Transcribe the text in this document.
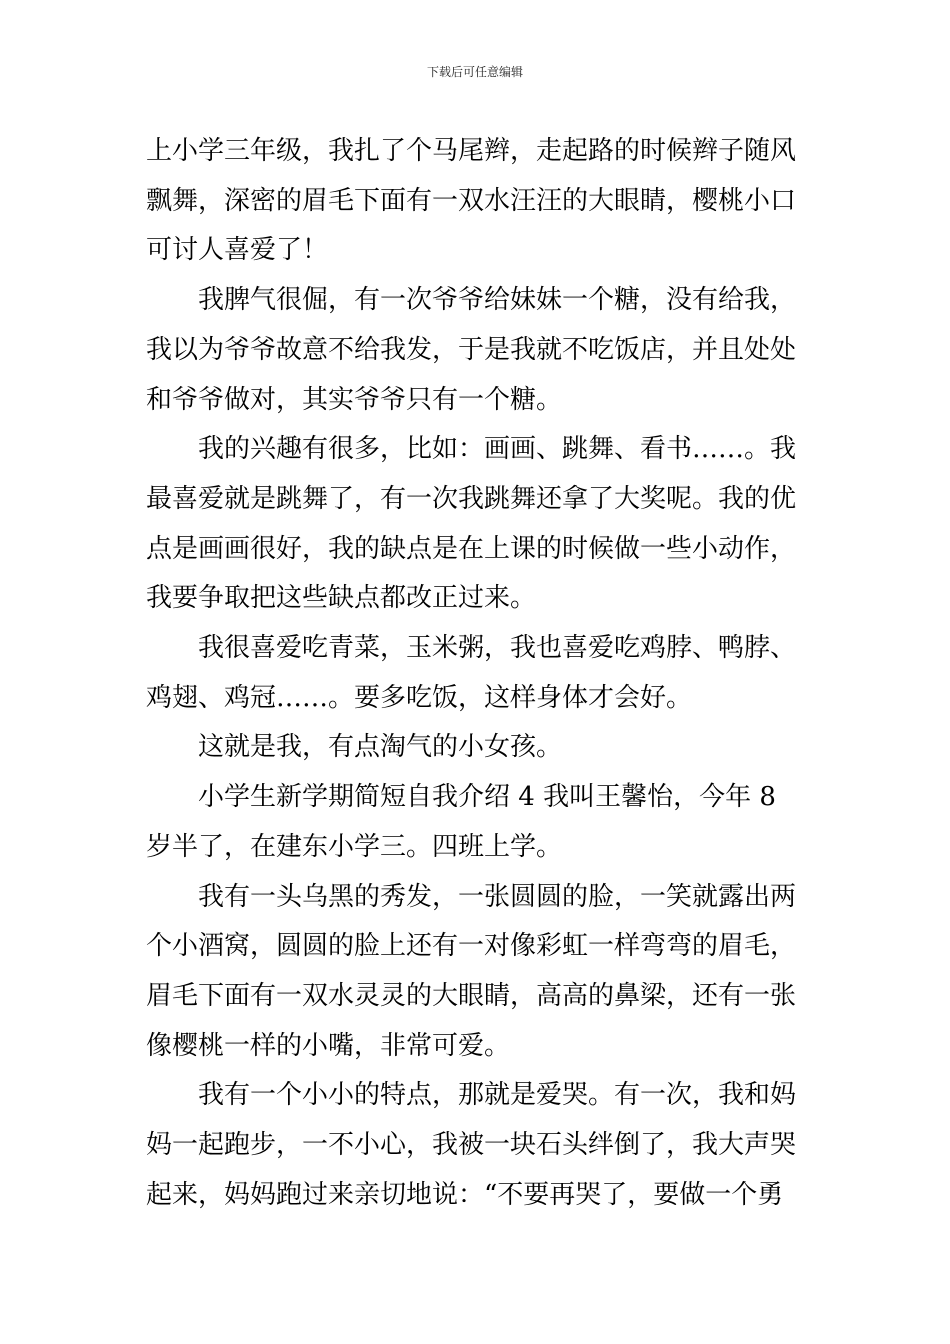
下载后可任意编辑

上小学三年级，我扎了个马尾辫，走起路的时候辫子随风飘舞，深密的眉毛下面有一双水汪汪的大眼睛，樱桃小口可讨人喜爱了！

我脾气很倔，有一次爷爷给妹妹一个糖，没有给我，我以为爷爷故意不给我发，于是我就不吃饭店，并且处处和爷爷做对，其实爷爷只有一个糖。

我的兴趣有很多，比如：画画、跳舞、看书……。我最喜爱就是跳舞了，有一次我跳舞还拿了大奖呢。我的优点是画画很好，我的缺点是在上课的时候做一些小动作，我要争取把这些缺点都改正过来。

我很喜爱吃青菜，玉米粥，我也喜爱吃鸡脖、鸭脖、鸡翅、鸡冠……。要多吃饭，这样身体才会好。

这就是我，有点淘气的小女孩。

小学生新学期简短自我介绍 4 我叫王馨怡，今年 8 岁半了，在建东小学三。四班上学。

我有一头乌黑的秀发，一张圆圆的脸，一笑就露出两个小酒窝，圆圆的脸上还有一对像彩虹一样弯弯的眉毛，眉毛下面有一双水灵灵的大眼睛，高高的鼻梁，还有一张像樱桃一样的小嘴，非常可爱。

我有一个小小的特点，那就是爱哭。有一次，我和妈妈一起跑步，一不小心，我被一块石头绊倒了，我大声哭起来，妈妈跑过来亲切地说：“不要再哭了，要做一个勇
